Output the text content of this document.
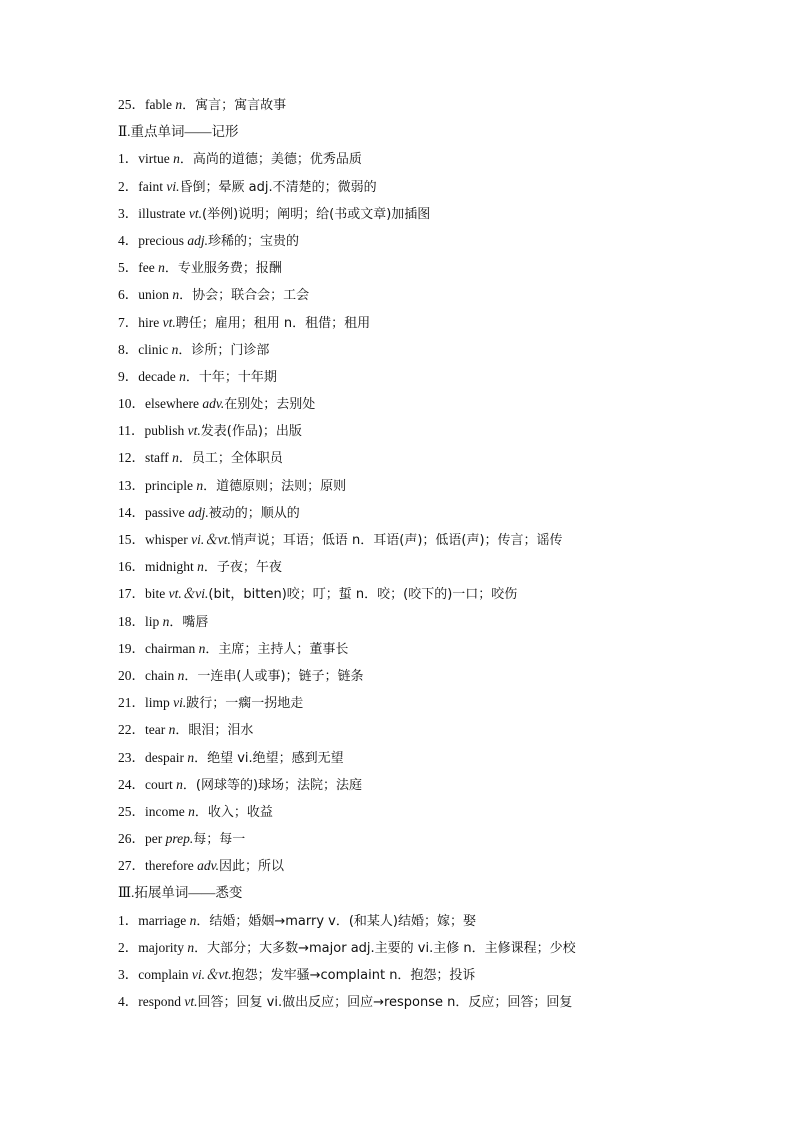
25．fable n．寓言；寓言故事
Ⅱ.重点单词——记形
1．virtue n．高尚的道德；美德；优秀品质
2．faint vi.昏倒；晕厥 adj.不清楚的；微弱的
3．illustrate vt.(举例)说明；阐明；给(书或文章)加插图
4．precious adj.珍稀的；宝贵的
5．fee n．专业服务费；报酬
6．union n．协会；联合会；工会
7．hire vt.聘任；雇用；租用 n．租借；租用
8．clinic n．诊所；门诊部
9．decade n．十年；十年期
10．elsewhere adv.在别处；去别处
11．publish vt.发表(作品)；出版
12．staff n．员工；全体职员
13．principle n．道德原则；法则；原则
14．passive adj.被动的；顺从的
15．whisper vi.＆vt.悄声说；耳语；低语 n．耳语(声)；低语(声)；传言；谣传
16．midnight n．子夜；午夜
17．bite vt.＆vi.(bit，bitten)咬；叮；蜇 n．咬；(咬下的)一口；咬伤
18．lip n．嘴唇
19．chairman n．主席；主持人；董事长
20．chain n．一连串(人或事)；链子；链条
21．limp vi.跛行；一瘸一拐地走
22．tear n．眼泪；泪水
23．despair n．绝望 vi.绝望；感到无望
24．court n．(网球等的)球场；法院；法庭
25．income n．收入；收益
26．per prep.每；每一
27．therefore adv.因此；所以
Ⅲ.拓展单词——悉变
1．marriage n．结婚；婚姻→marry v．(和某人)结婚；嫁；娶
2．majority n．大部分；大多数→major adj.主要的 vi.主修 n．主修课程；少校
3．complain vi.＆vt.抱怨；发牢骚→complaint n．抱怨；投诉
4．respond vt.回答；回复 vi.做出反应；回应→response n．反应；回答；回复
